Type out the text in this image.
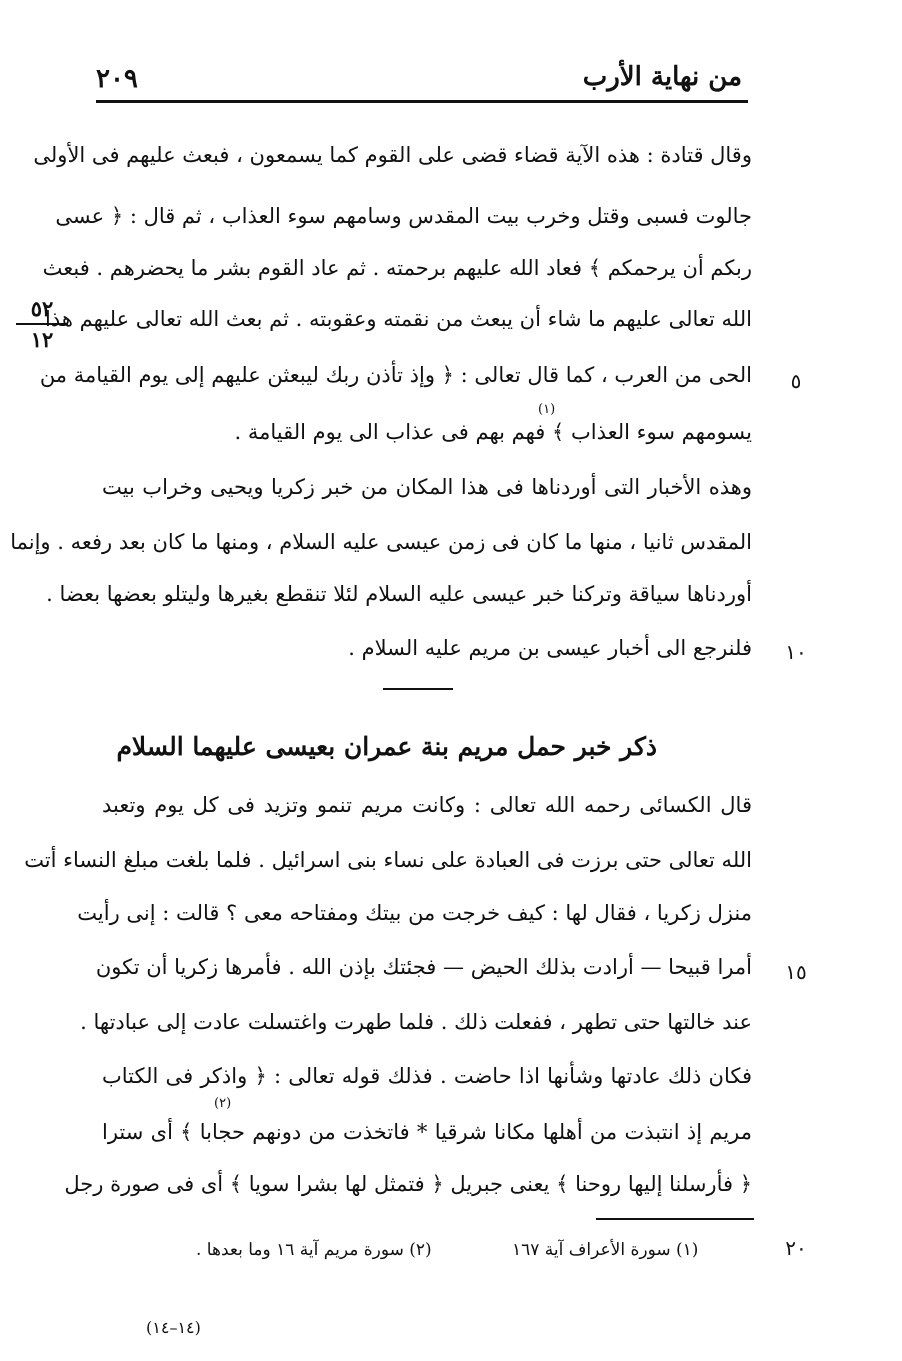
٢٠٩	من نهاية الأرب
٥٢
١٢
وقال قتادة : هذه الآية قضاء قضى على القوم كما يسمعون ، فبعث عليهم فى الأولى
جالوت فسبى وقتل وخرب بيت المقدس وسامهم سوء العذاب ، ثم قال : ﴿ عسى
ربكم أن يرحمكم ﴾ فعاد الله عليهم برحمته . ثم عاد القوم بشر ما يحضرهم . فبعث
الله تعالى عليهم ما شاء أن يبعث من نقمته وعقوبته . ثم بعث الله تعالى عليهم هذا
الحى من العرب ، كما قال تعالى : ﴿ وإذ تأذن ربك ليبعثن عليهم إلى يوم القيامة من
يسومهم سوء العذاب ﴾ فهم بهم فى عذاب الى يوم القيامة .
وهذه الأخبار التى أوردناها فى هذا المكان من خبر زكريا ويحيى وخراب بيت
المقدس ثانيا ، منها ما كان فى زمن عيسى عليه السلام ، ومنها ما كان بعد رفعه . وإنما
أوردناها سياقة وتركنا خبر عيسى عليه السلام لئلا تنقطع بغيرها وليتلو بعضها بعضا .
فلنرجع الى أخبار عيسى بن مريم عليه السلام .
(١)
٥
١٠
ذكر خبر حمل مريم بنة عمران بعيسى عليهما السلام
قال الكسائى رحمه الله تعالى : وكانت مريم تنمو وتزيد فى كل يوم وتعبد
الله تعالى حتى برزت فى العبادة على نساء بنى اسرائيل . فلما بلغت مبلغ النساء أتت
منزل زكريا ، فقال لها : كيف خرجت من بيتك ومفتاحه معى ؟ قالت : إنى رأيت
أمرا قبيحا — أرادت بذلك الحيض — فجئتك بإذن الله . فأمرها زكريا أن تكون
عند خالتها حتى تطهر ، ففعلت ذلك . فلما طهرت واغتسلت عادت إلى عبادتها .
فكان ذلك عادتها وشأنها اذا حاضت . فذلك قوله تعالى : ﴿ واذكر فى الكتاب
مريم إذ انتبذت من أهلها مكانا شرقيا * فاتخذت من دونهم حجابا ﴾ أى سترا
﴿ فأرسلنا إليها روحنا ﴾ يعنى جبريل ﴿ فتمثل لها بشرا سويا ﴾ أى فى صورة رجل
(٢)
١٥
٢٠
(١) سورة الأعراف آية ١٦٧
(٢) سورة مريم آية ١٦ وما بعدها .
(١٤–١٤)
